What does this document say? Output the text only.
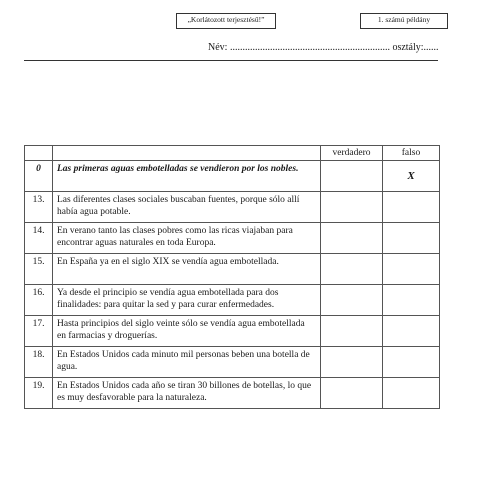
„Korlátozott terjesztésű!”	1. számú példány
Név: ................................................................ osztály:......
		verdadero	falso
0	Las primeras aguas embotelladas se vendieron por los nobles.		X
13.	Las diferentes clases sociales buscaban fuentes, porque sólo allí había agua potable.		
14.	En verano tanto las clases pobres como las ricas viajaban para encontrar aguas naturales en toda Europa.		
15.	En España ya en el siglo XIX se vendía agua embotellada.		
16.	Ya desde el principio se vendía agua embotellada para dos finalidades: para quitar la sed y para curar enfermedades.		
17.	Hasta principios del siglo veinte sólo se vendía agua embotellada en farmacias y droguerías.		
18.	En Estados Unidos cada minuto mil personas beben una botella de agua.		
19.	En Estados Unidos cada año se tiran 30 billones de botellas, lo que es muy desfavorable para la naturaleza.		
